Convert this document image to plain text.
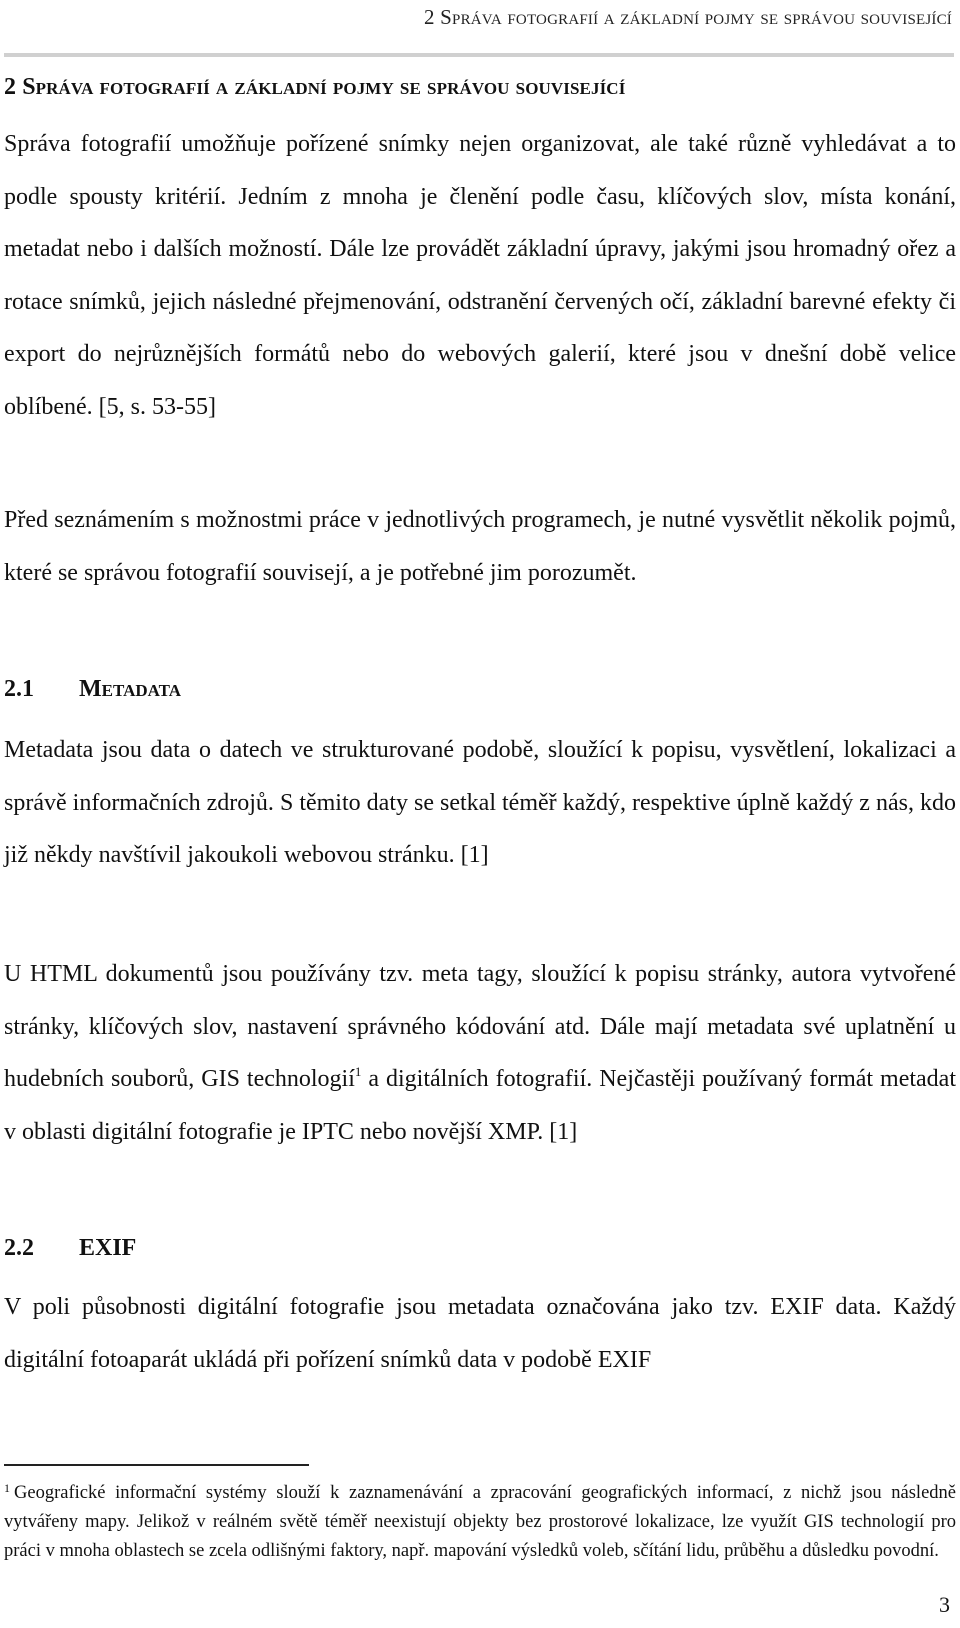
2 Správa fotografií a základní pojmy se správou související
2 Správa fotografií a základní pojmy se správou související

Správa fotografií umožňuje pořízené snímky nejen organizovat, ale také různě vyhledávat a to podle spousty kritérií. Jedním z mnoha je členění podle času, klíčových slov, místa konání, metadat nebo i dalších možností. Dále lze provádět základní úpravy, jakými jsou hromadný ořez a rotace snímků, jejich následné přejmenování, odstranění červených očí, základní barevné efekty či export do nejrůznějších formátů nebo do webových galerií, které jsou v dnešní době velice oblíbené. [5, s. 53-55]

Před seznámením s možnostmi práce v jednotlivých programech, je nutné vysvětlit několik pojmů, které se správou fotografií souvisejí, a je potřebné jim porozumět.

2.1 Metadata

Metadata jsou data o datech ve strukturované podobě, sloužící k popisu, vysvětlení, lokalizaci a správě informačních zdrojů. S těmito daty se setkal téměř každý, respektive úplně každý z nás, kdo již někdy navštívil jakoukoli webovou stránku. [1]

U HTML dokumentů jsou používány tzv. meta tagy, sloužící k popisu stránky, autora vytvořené stránky, klíčových slov, nastavení správného kódování atd. Dále mají metadata své uplatnění u hudebních souborů, GIS technologií$^1$ a digitálních fotografií. Nejčastěji používaný formát metadat v oblasti digitální fotografie je IPTC nebo novější XMP. [1]

2.2 EXIF

V poli působnosti digitální fotografie jsou metadata označována jako tzv. EXIF data. Každý digitální fotoaparát ukládá při pořízení snímků data v podobě EXIF

$^1$ Geografické informační systémy slouží k zaznamenávání a zpracování geografických informací, z nichž jsou následně vytvářeny mapy. Jelikož v reálném světě téměř neexistují objekty bez prostorové lokalizace, lze využít GIS technologií pro práci v mnoha oblastech se zcela odlišnými faktory, např. mapování výsledků voleb, sčítání lidu, průběhu a důsledku povodní.

3
